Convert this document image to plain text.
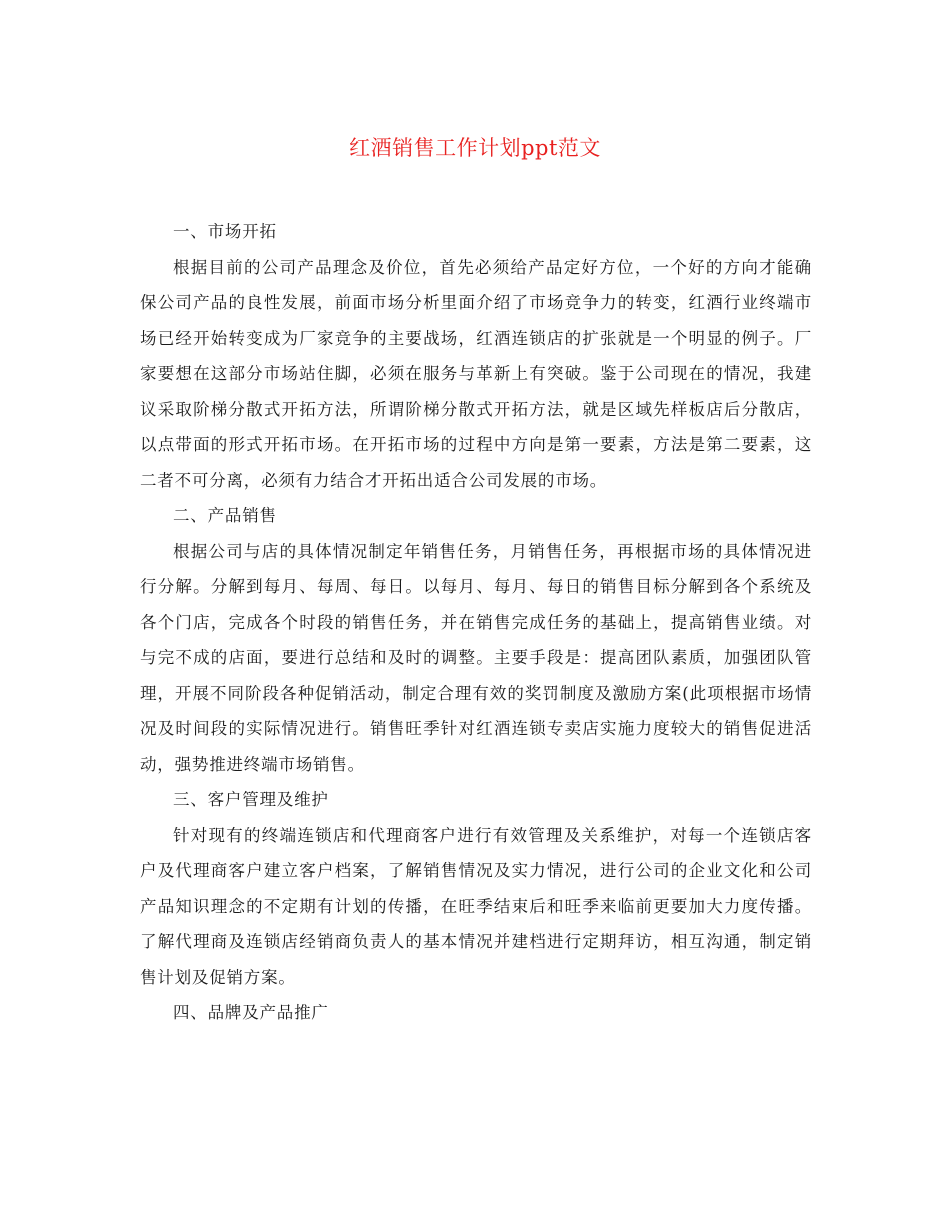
红酒销售工作计划ppt范文

一、市场开拓

根据目前的公司产品理念及价位，首先必须给产品定好方位，一个好的方向才能确保公司产品的良性发展，前面市场分析里面介绍了市场竞争力的转变，红酒行业终端市场已经开始转变成为厂家竞争的主要战场，红酒连锁店的扩张就是一个明显的例子。厂家要想在这部分市场站住脚，必须在服务与革新上有突破。鉴于公司现在的情况，我建议采取阶梯分散式开拓方法，所谓阶梯分散式开拓方法，就是区域先样板店后分散店，以点带面的形式开拓市场。在开拓市场的过程中方向是第一要素，方法是第二要素，这二者不可分离，必须有力结合才开拓出适合公司发展的市场。

二、产品销售

根据公司与店的具体情况制定年销售任务，月销售任务，再根据市场的具体情况进行分解。分解到每月、每周、每日。以每月、每月、每日的销售目标分解到各个系统及各个门店，完成各个时段的销售任务，并在销售完成任务的基础上，提高销售业绩。对与完不成的店面，要进行总结和及时的调整。主要手段是：提高团队素质，加强团队管理，开展不同阶段各种促销活动，制定合理有效的奖罚制度及激励方案(此项根据市场情况及时间段的实际情况进行。销售旺季针对红酒连锁专卖店实施力度较大的销售促进活动，强势推进终端市场销售。

三、客户管理及维护

针对现有的终端连锁店和代理商客户进行有效管理及关系维护，对每一个连锁店客户及代理商客户建立客户档案，了解销售情况及实力情况，进行公司的企业文化和公司产品知识理念的不定期有计划的传播，在旺季结束后和旺季来临前更要加大力度传播。了解代理商及连锁店经销商负责人的基本情况并建档进行定期拜访，相互沟通，制定销售计划及促销方案。

四、品牌及产品推广
